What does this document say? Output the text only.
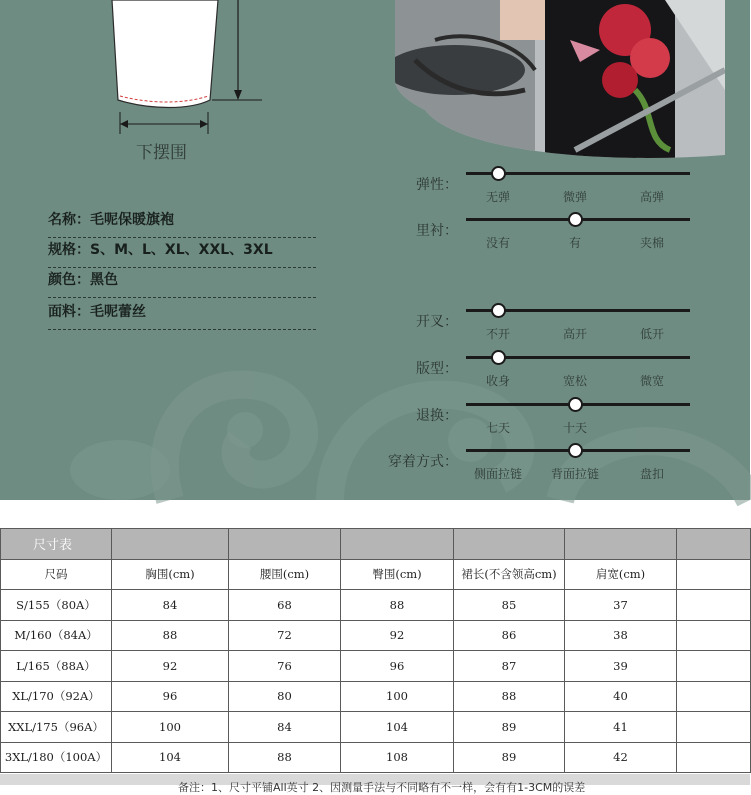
下摆围
名称：毛呢保暖旗袍
规格：S、M、L、XL、XXL、3XL
颜色：黑色
面料：毛呢蕾丝
弹性：
无弹	微弹	高弹
里衬：
没有	有	夹棉
开叉：
不开	高开	低开
版型：
收身	宽松	微宽
退换：
七天	十天
穿着方式：
侧面拉链	背面拉链	盘扣
尺寸表						
尺码	胸围(cm)	腰围(cm)	臀围(cm)	裙长(不含领高cm)	肩宽(cm)	
S/155（80A）	84	68	88	85	37	
M/160（84A）	88	72	92	86	38	
L/165（88A）	92	76	96	87	39	
XL/170（92A）	96	80	100	88	40	
XXL/175（96A）	100	84	104	89	41	
3XL/180（100A）	104	88	108	89	42	
备注：1、尺寸平铺All英寸 2、因测量手法与不同略有不一样，会有有1-3CM的误差
